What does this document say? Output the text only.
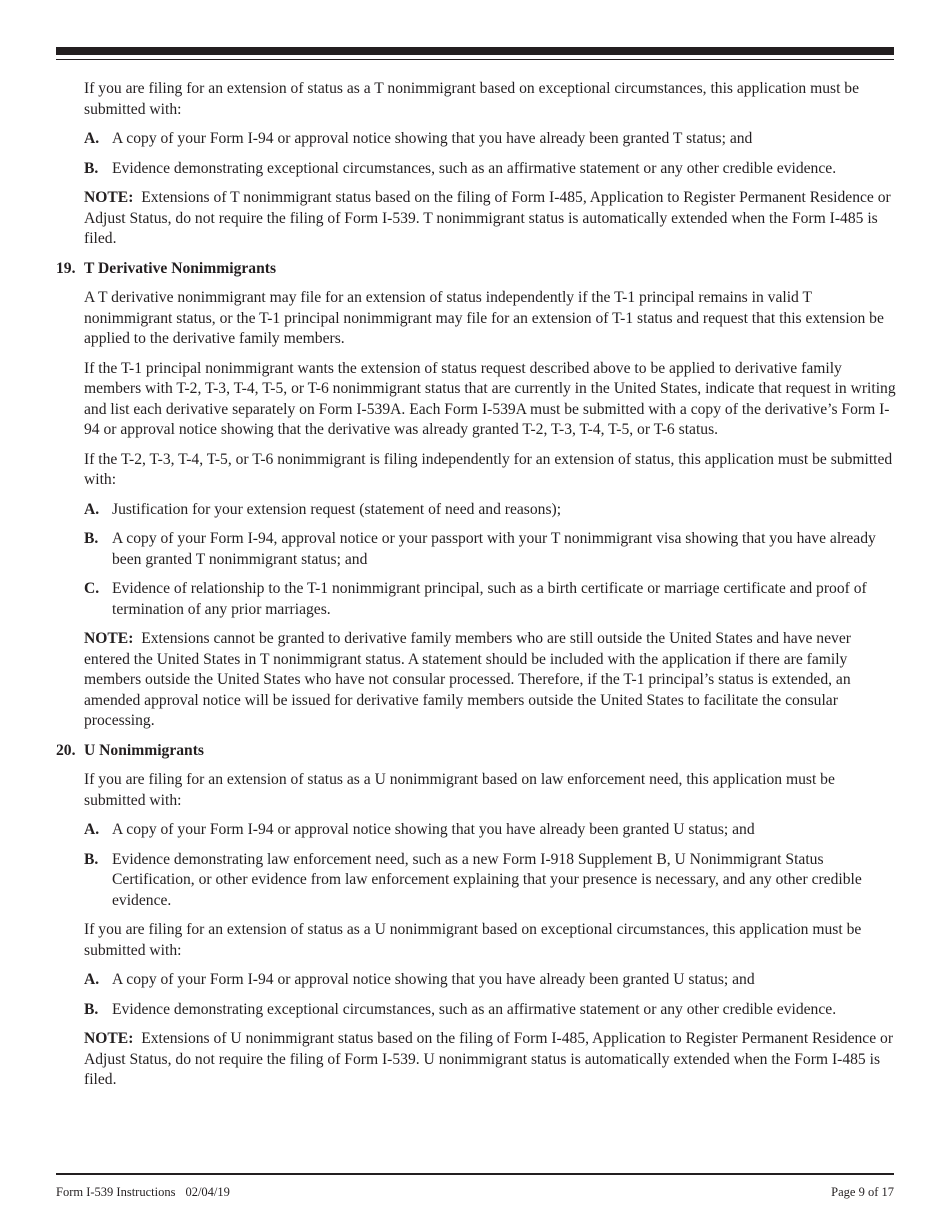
If you are filing for an extension of status as a T nonimmigrant based on exceptional circumstances, this application must be submitted with:

A. A copy of your Form I-94 or approval notice showing that you have already been granted T status; and
B. Evidence demonstrating exceptional circumstances, such as an affirmative statement or any other credible evidence.

NOTE: Extensions of T nonimmigrant status based on the filing of Form I-485, Application to Register Permanent Residence or Adjust Status, do not require the filing of Form I-539. T nonimmigrant status is automatically extended when the Form I-485 is filed.

19. T Derivative Nonimmigrants

A T derivative nonimmigrant may file for an extension of status independently if the T-1 principal remains in valid T nonimmigrant status, or the T-1 principal nonimmigrant may file for an extension of T-1 status and request that this extension be applied to the derivative family members.

If the T-1 principal nonimmigrant wants the extension of status request described above to be applied to derivative family members with T-2, T-3, T-4, T-5, or T-6 nonimmigrant status that are currently in the United States, indicate that request in writing and list each derivative separately on Form I-539A. Each Form I-539A must be submitted with a copy of the derivative’s Form I-94 or approval notice showing that the derivative was already granted T-2, T-3, T-4, T-5, or T-6 status.

If the T-2, T-3, T-4, T-5, or T-6 nonimmigrant is filing independently for an extension of status, this application must be submitted with:

A. Justification for your extension request (statement of need and reasons);
B. A copy of your Form I-94, approval notice or your passport with your T nonimmigrant visa showing that you have already been granted T nonimmigrant status; and
C. Evidence of relationship to the T-1 nonimmigrant principal, such as a birth certificate or marriage certificate and proof of termination of any prior marriages.

NOTE: Extensions cannot be granted to derivative family members who are still outside the United States and have never entered the United States in T nonimmigrant status. A statement should be included with the application if there are family members outside the United States who have not consular processed. Therefore, if the T-1 principal’s status is extended, an amended approval notice will be issued for derivative family members outside the United States to facilitate the consular processing.

20. U Nonimmigrants

If you are filing for an extension of status as a U nonimmigrant based on law enforcement need, this application must be submitted with:

A. A copy of your Form I-94 or approval notice showing that you have already been granted U status; and
B. Evidence demonstrating law enforcement need, such as a new Form I-918 Supplement B, U Nonimmigrant Status Certification, or other evidence from law enforcement explaining that your presence is necessary, and any other credible evidence.

If you are filing for an extension of status as a U nonimmigrant based on exceptional circumstances, this application must be submitted with:

A. A copy of your Form I-94 or approval notice showing that you have already been granted U status; and
B. Evidence demonstrating exceptional circumstances, such as an affirmative statement or any other credible evidence.

NOTE: Extensions of U nonimmigrant status based on the filing of Form I-485, Application to Register Permanent Residence or Adjust Status, do not require the filing of Form I-539. U nonimmigrant status is automatically extended when the Form I-485 is filed.

Form I-539 Instructions 02/04/19	Page 9 of 17
